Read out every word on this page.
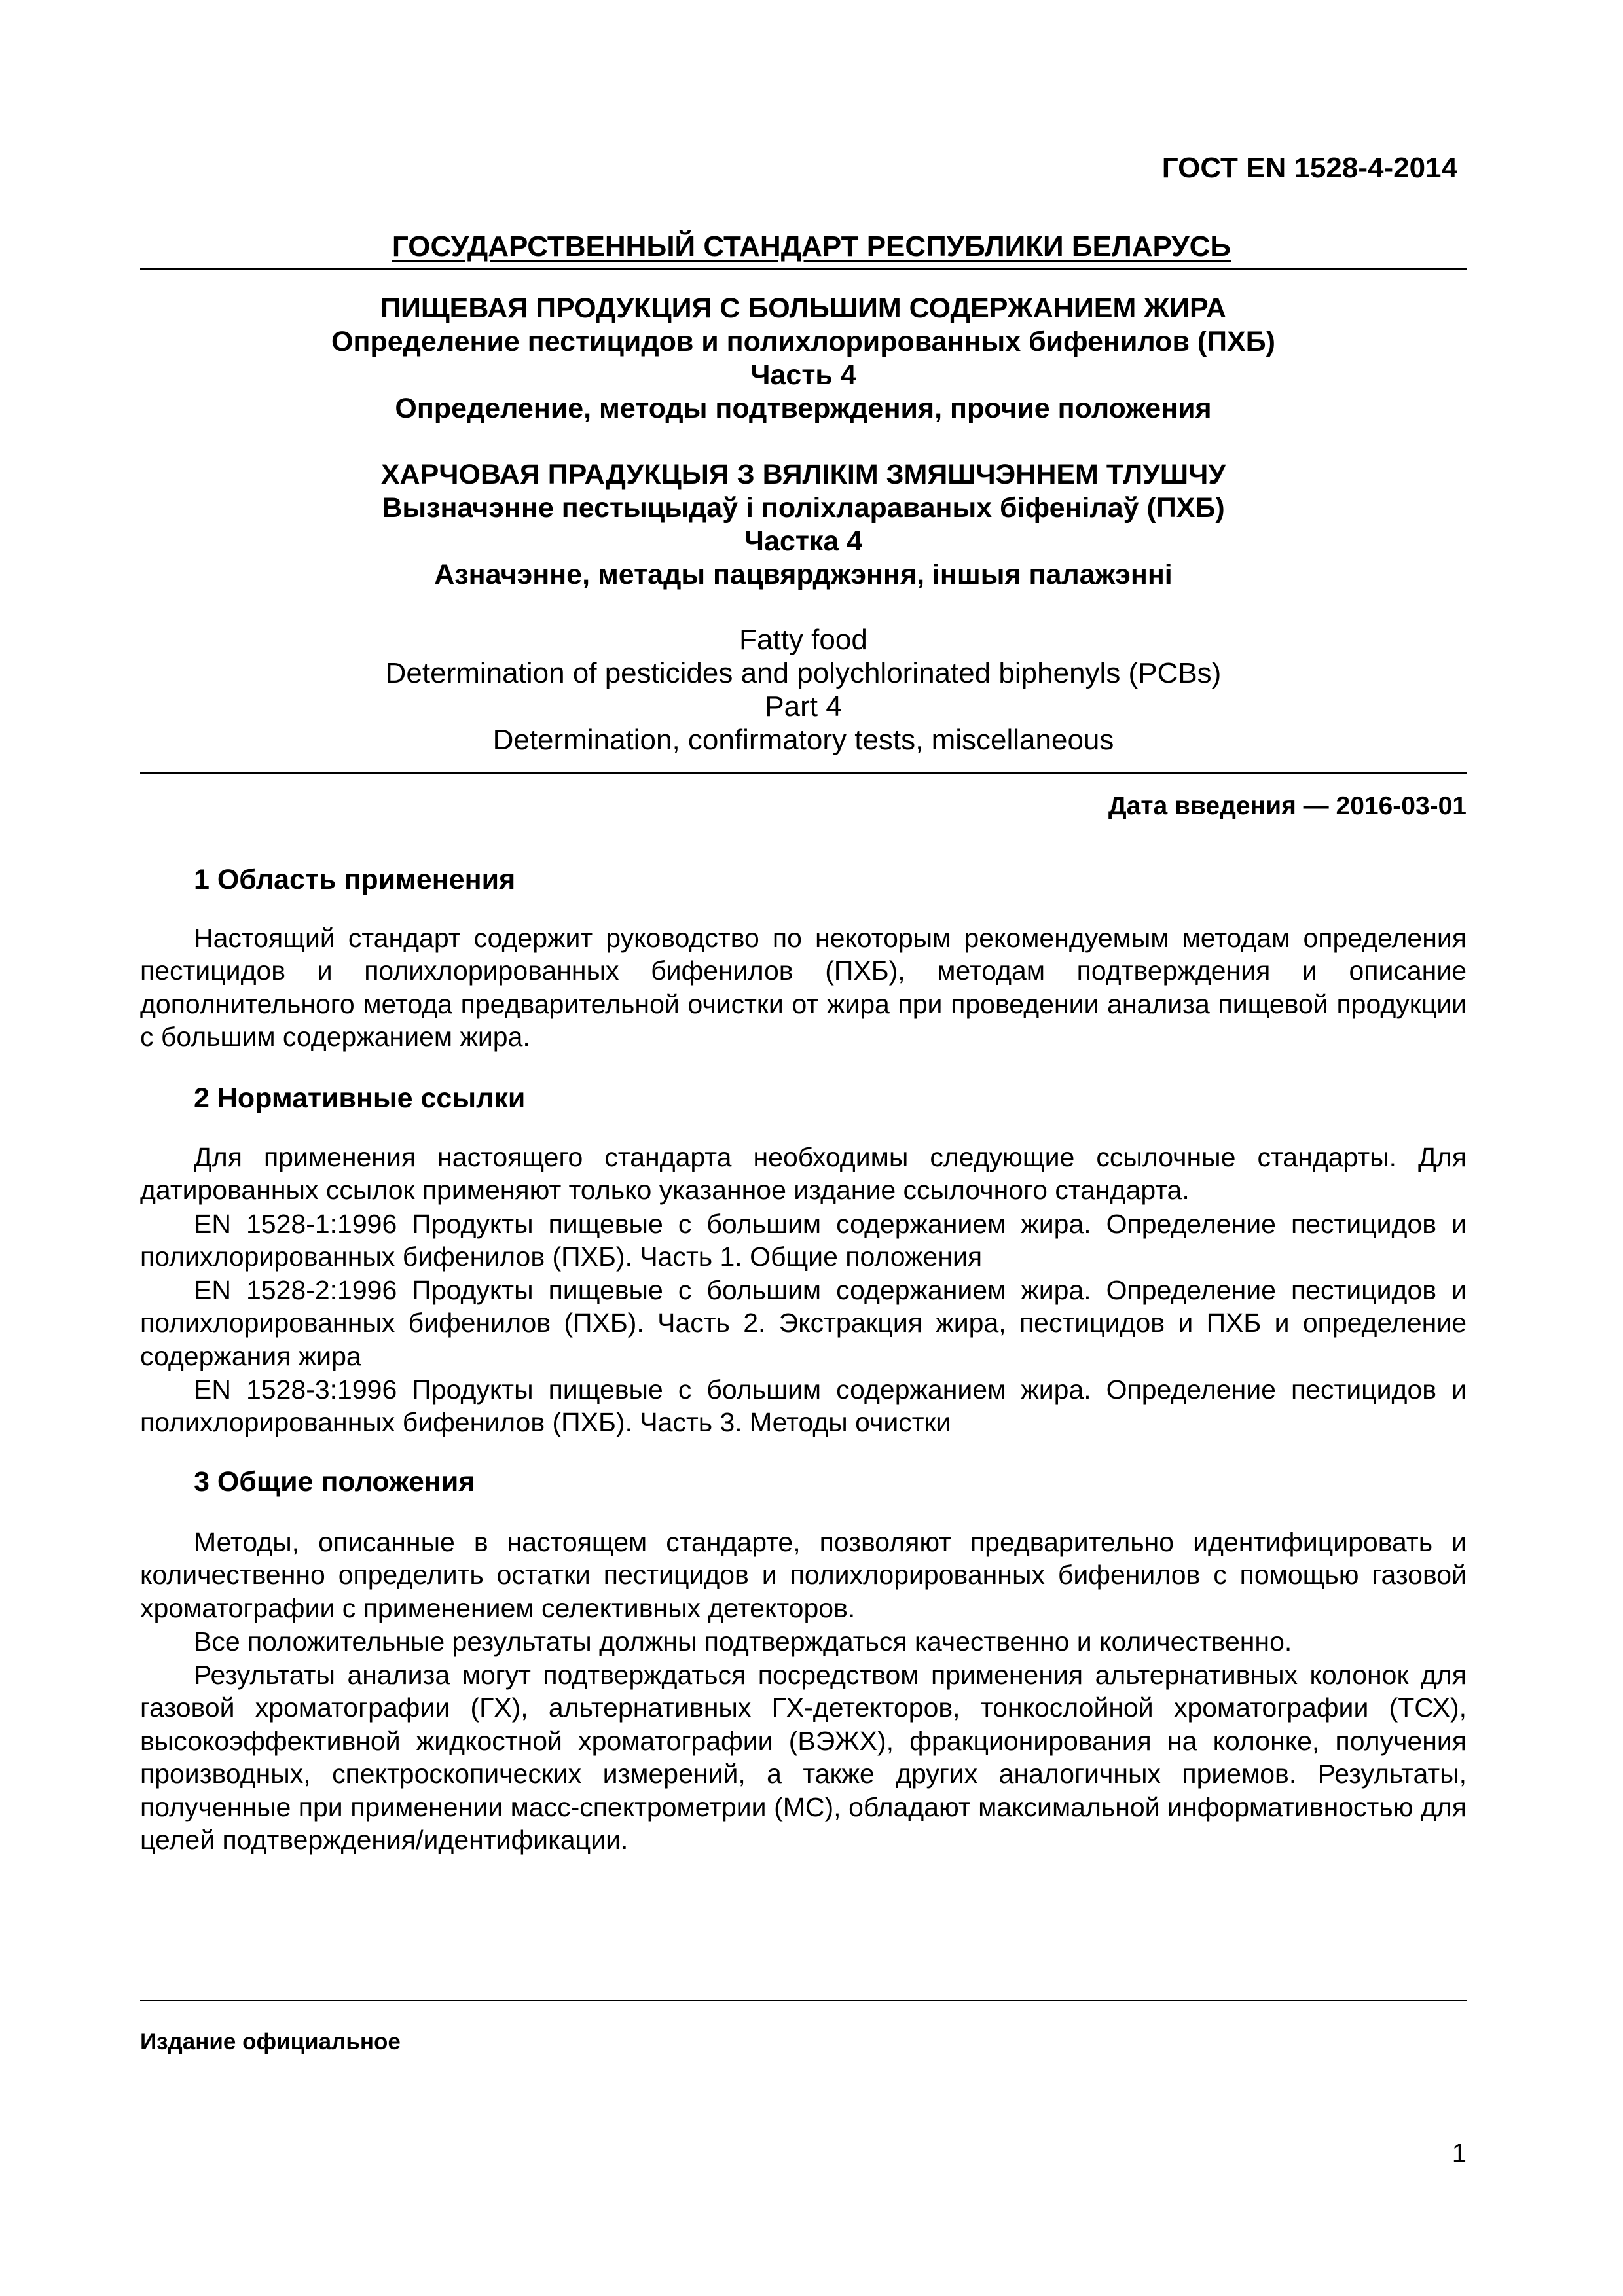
ГОСТ EN 1528-4-2014
ГОСУДАРСТВЕННЫЙ СТАНДАРТ РЕСПУБЛИКИ БЕЛАРУСЬ
ПИЩЕВАЯ ПРОДУКЦИЯ С БОЛЬШИМ СОДЕРЖАНИЕМ ЖИРА
Определение пестицидов и полихлорированных бифенилов (ПХБ)
Часть 4
Определение, методы подтверждения, прочие положения
ХАРЧОВАЯ ПРАДУКЦЫЯ З ВЯЛІКІМ ЗМЯШЧЭННЕМ ТЛУШЧУ
Вызначэнне пестыцыдаў і поліхлараваных біфенілаў (ПХБ)
Частка 4
Азначэнне, метады пацвярджэння, іншыя палажэнні
Fatty food
Determination of pesticides and polychlorinated biphenyls (PCBs)
Part 4
Determination, confirmatory tests, miscellaneous
Дата введения — 2016-03-01
1 Область применения

Настоящий стандарт содержит руководство по некоторым рекомендуемым методам определения пестицидов и полихлорированных бифенилов (ПХБ), методам подтверждения и описание дополнительного метода предварительной очистки от жира при проведении анализа пищевой продукции с большим содержанием жира.

2 Нормативные ссылки

Для применения настоящего стандарта необходимы следующие ссылочные стандарты. Для датированных ссылок применяют только указанное издание ссылочного стандарта.

EN 1528-1:1996 Продукты пищевые с большим содержанием жира. Определение пестицидов и полихлорированных бифенилов (ПХБ). Часть 1. Общие положения

EN 1528-2:1996 Продукты пищевые с большим содержанием жира. Определение пестицидов и полихлорированных бифенилов (ПХБ). Часть 2. Экстракция жира, пестицидов и ПХБ и определение содержания жира

EN 1528-3:1996 Продукты пищевые с большим содержанием жира. Определение пестицидов и полихлорированных бифенилов (ПХБ). Часть 3. Методы очистки

3 Общие положения

Методы, описанные в настоящем стандарте, позволяют предварительно идентифицировать и количественно определить остатки пестицидов и полихлорированных бифенилов с помощью газовой хроматографии с применением селективных детекторов.

Все положительные результаты должны подтверждаться качественно и количественно.

Результаты анализа могут подтверждаться посредством применения альтернативных колонок для газовой хроматографии (ГХ), альтернативных ГХ-детекторов, тонкослойной хроматографии (ТСХ), высокоэффективной жидкостной хроматографии (ВЭЖХ), фракционирования на колонке, получения производных, спектроскопических измерений, а также других аналогичных приемов. Результаты, полученные при применении масс-спектрометрии (МС), обладают максимальной информативностью для целей подтверждения/идентификации.

Издание официальное
1
